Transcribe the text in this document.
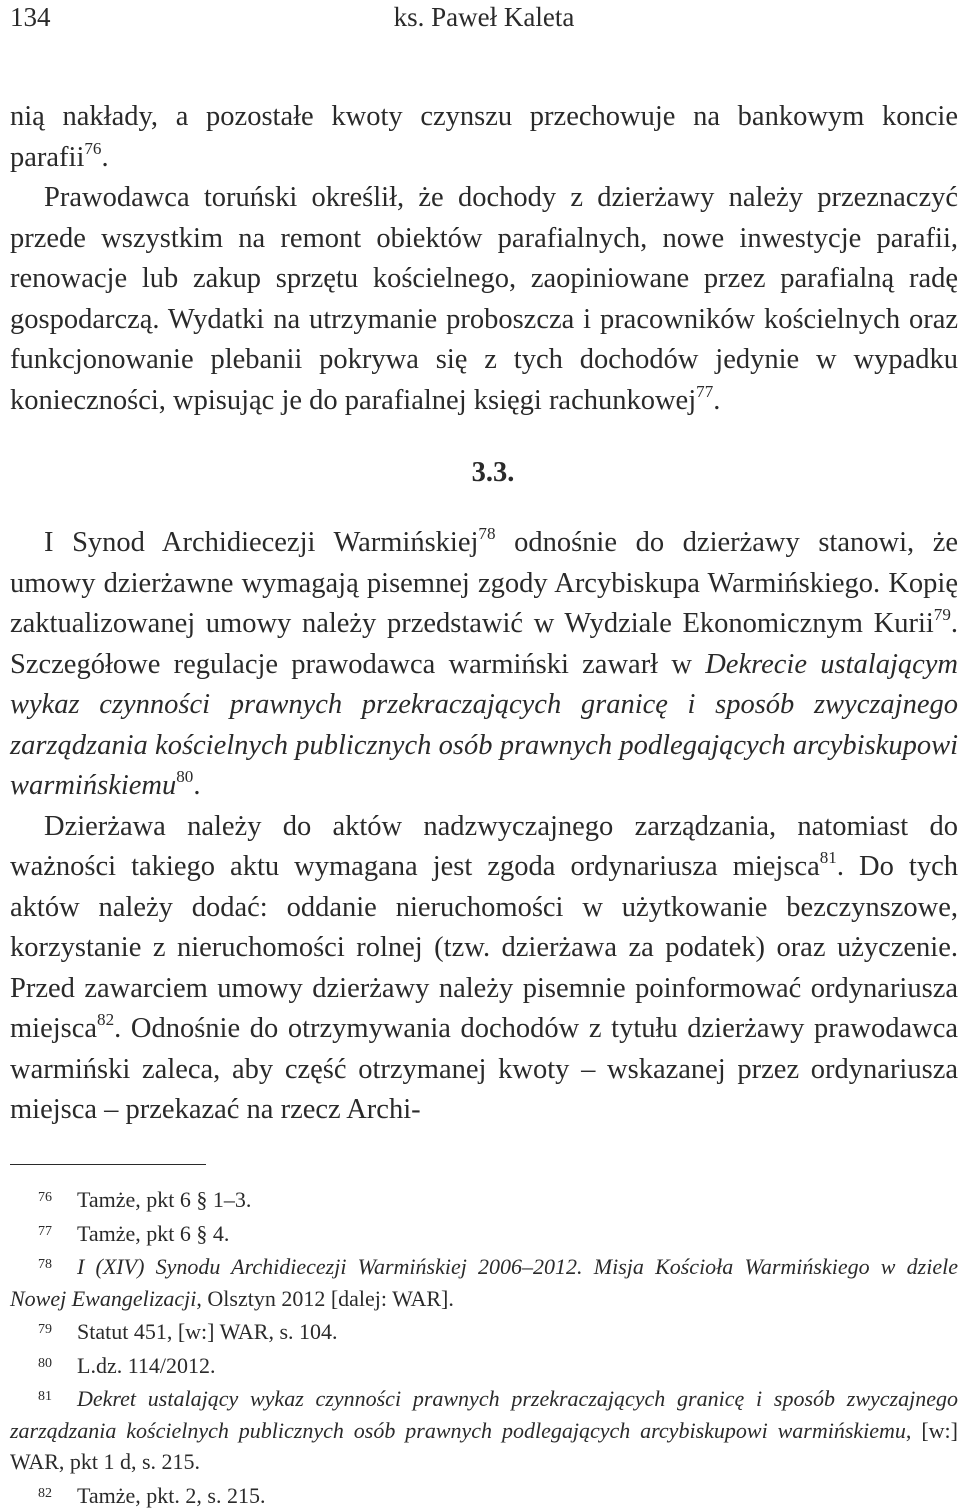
134	ks. Paweł Kaleta

nią nakłady, a pozostałe kwoty czynszu przechowuje na bankowym koncie parafii$^{76}$.

Prawodawca toruński określił, że dochody z dzierżawy należy przeznaczyć przede wszystkim na remont obiektów parafialnych, nowe inwestycje parafii, renowacje lub zakup sprzętu kościelnego, zaopiniowane przez parafialną radę gospodarczą. Wydatki na utrzymanie proboszcza i pracowników kościelnych oraz funkcjonowanie plebanii pokrywa się z tych dochodów jedynie w wypadku konieczności, wpisując je do parafialnej księgi rachunkowej$^{77}$.

3.3.

I Synod Archidiecezji Warmińskiej$^{78}$ odnośnie do dzierżawy stanowi, że umowy dzierżawne wymagają pisemnej zgody Arcybiskupa Warmińskiego. Kopię zaktualizowanej umowy należy przedstawić w Wydziale Ekonomicznym Kurii$^{79}$. Szczegółowe regulacje prawodawca warmiński zawarł w Dekrecie ustalającym wykaz czynności prawnych przekraczających granicę i sposób zwyczajnego zarządzania kościelnych publicznych osób prawnych podlegających arcybiskupowi warmińskiemu$^{80}$.

Dzierżawa należy do aktów nadzwyczajnego zarządzania, natomiast do ważności takiego aktu wymagana jest zgoda ordynariusza miejsca$^{81}$. Do tych aktów należy dodać: oddanie nieruchomości w użytkowanie bezczynszowe, korzystanie z nieruchomości rolnej (tzw. dzierżawa za podatek) oraz użyczenie. Przed zawarciem umowy dzierżawy należy pisemnie poinformować ordynariusza miejsca$^{82}$. Odnośnie do otrzymywania dochodów z tytułu dzierżawy prawodawca warmiński zaleca, aby część otrzymanej kwoty – wskazanej przez ordynariusza miejsca – przekazać na rzecz Archi-

76 Tamże, pkt 6 § 1–3.

77 Tamże, pkt 6 § 4.

78 I (XIV) Synodu Archidiecezji Warmińskiej 2006–2012. Misja Kościoła Warmińskiego w dziele Nowej Ewangelizacji, Olsztyn 2012 [dalej: WAR].

79 Statut 451, [w:] WAR, s. 104.

80 L.dz. 114/2012.

81 Dekret ustalający wykaz czynności prawnych przekraczających granicę i sposób zwyczajnego zarządzania kościelnych publicznych osób prawnych podlegających arcybiskupowi warmińskiemu, [w:] WAR, pkt 1 d, s. 215.

82 Tamże, pkt. 2, s. 215.
